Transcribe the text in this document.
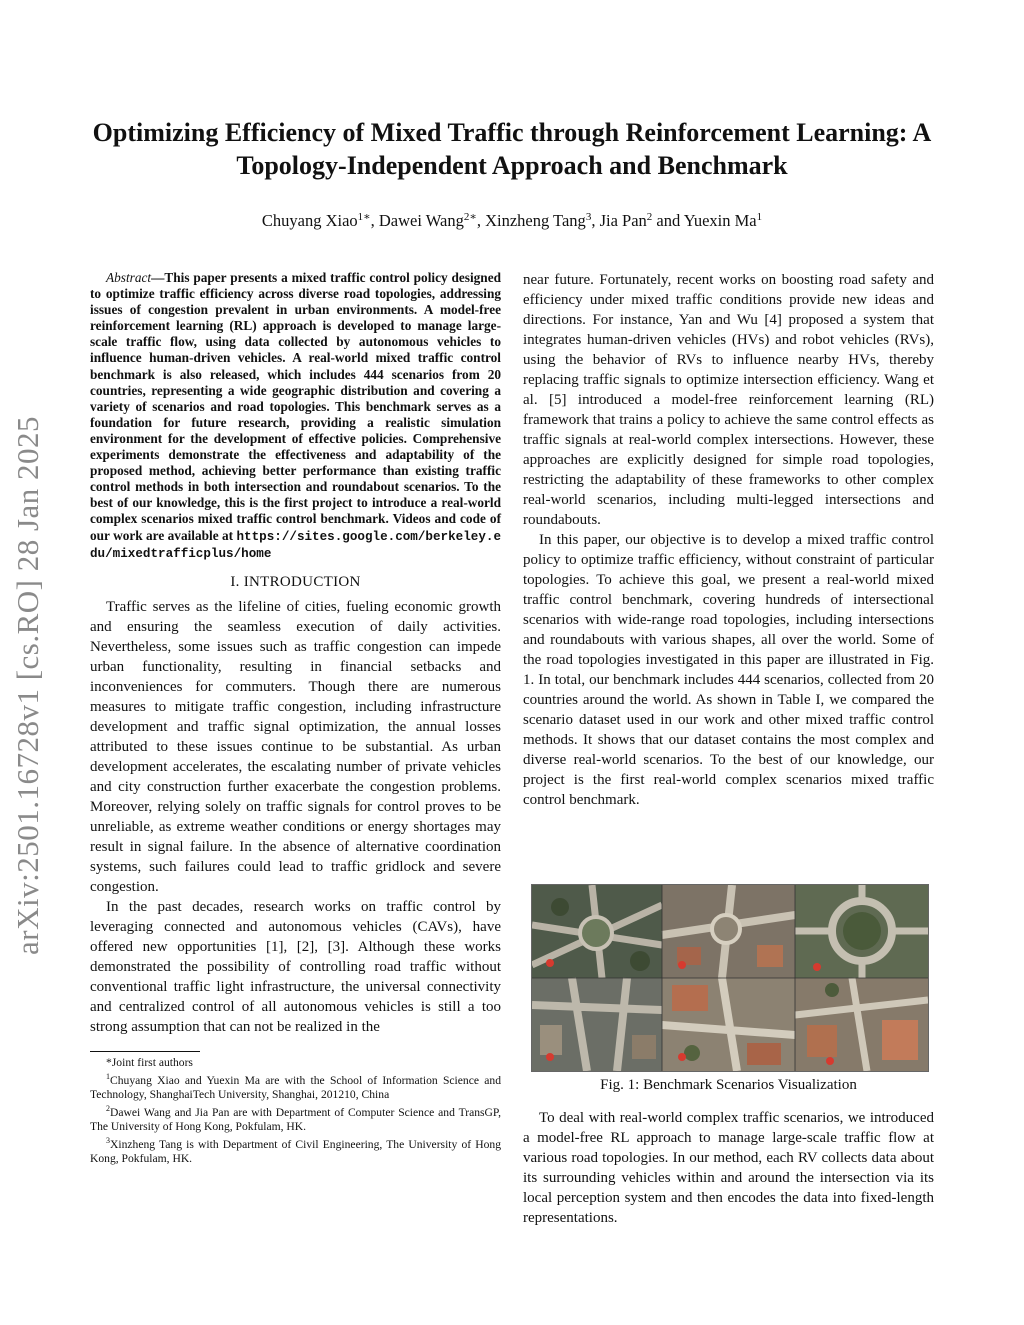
arXiv:2501.16728v1 [cs.RO] 28 Jan 2025
Optimizing Efficiency of Mixed Traffic through Reinforcement Learning: A Topology-Independent Approach and Benchmark
Chuyang Xiao$^{1∗}$, Dawei Wang$^{2∗}$, Xinzheng Tang$^3$, Jia Pan$^2$ and Yuexin Ma$^1$

Abstract—This paper presents a mixed traffic control policy designed to optimize traffic efficiency across diverse road topologies, addressing issues of congestion prevalent in urban environments. A model-free reinforcement learning (RL) approach is developed to manage large-scale traffic flow, using data collected by autonomous vehicles to influence human-driven vehicles. A real-world mixed traffic control benchmark is also released, which includes 444 scenarios from 20 countries, representing a wide geographic distribution and covering a variety of scenarios and road topologies. This benchmark serves as a foundation for future research, providing a realistic simulation environment for the development of effective policies. Comprehensive experiments demonstrate the effectiveness and adaptability of the proposed method, achieving better performance than existing traffic control methods in both intersection and roundabout scenarios. To the best of our knowledge, this is the first project to introduce a real-world complex scenarios mixed traffic control benchmark. Videos and code of our work are available at https://sites.google.com/berkeley.edu/mixedtrafficplus/home

I. INTRODUCTION

Traffic serves as the lifeline of cities, fueling economic growth and ensuring the seamless execution of daily activities. Nevertheless, some issues such as traffic congestion can impede urban functionality, resulting in financial setbacks and inconveniences for commuters. Though there are numerous measures to mitigate traffic congestion, including infrastructure development and traffic signal optimization, the annual losses attributed to these issues continue to be substantial. As urban development accelerates, the escalating number of private vehicles and city construction further exacerbate the congestion problems. Moreover, relying solely on traffic signals for control proves to be unreliable, as extreme weather conditions or energy shortages may result in signal failure. In the absence of alternative coordination systems, such failures could lead to traffic gridlock and severe congestion.

In the past decades, research works on traffic control by leveraging connected and autonomous vehicles (CAVs), have offered new opportunities [1], [2], [3]. Although these works demonstrated the possibility of controlling road traffic without conventional traffic light infrastructure, the universal connectivity and centralized control of all autonomous vehicles is still a too strong assumption that can not be realized in the

*Joint first authors

$^1$Chuyang Xiao and Yuexin Ma are with the School of Information Science and Technology, ShanghaiTech University, Shanghai, 201210, China

$^2$Dawei Wang and Jia Pan are with Department of Computer Science and TransGP, The University of Hong Kong, Pokfulam, HK.

$^3$Xinzheng Tang is with Department of Civil Engineering, The University of Hong Kong, Pokfulam, HK.

near future. Fortunately, recent works on boosting road safety and efficiency under mixed traffic conditions provide new ideas and directions. For instance, Yan and Wu [4] proposed a system that integrates human-driven vehicles (HVs) and robot vehicles (RVs), using the behavior of RVs to influence nearby HVs, thereby replacing traffic signals to optimize intersection efficiency. Wang et al. [5] introduced a model-free reinforcement learning (RL) framework that trains a policy to achieve the same control effects as traffic signals at real-world complex intersections. However, these approaches are explicitly designed for simple road topologies, restricting the adaptability of these frameworks to other complex real-world scenarios, including multi-legged intersections and roundabouts.

In this paper, our objective is to develop a mixed traffic control policy to optimize traffic efficiency, without constraint of particular topologies. To achieve this goal, we present a real-world mixed traffic control benchmark, covering hundreds of intersectional scenarios with wide-range road topologies, including intersections and roundabouts with various shapes, all over the world. Some of the road topologies investigated in this paper are illustrated in Fig. 1. In total, our benchmark includes 444 scenarios, collected from 20 countries around the world. As shown in Table I, we compared the scenario dataset used in our work and other mixed traffic control methods. It shows that our dataset contains the most complex and diverse real-world scenarios. To the best of our knowledge, our project is the first real-world complex scenarios mixed traffic control benchmark.

Fig. 1: Benchmark Scenarios Visualization

To deal with real-world complex traffic scenarios, we introduced a model-free RL approach to manage large-scale traffic flow at various road topologies. In our method, each RV collects data about its surrounding vehicles within and around the intersection via its local perception system and then encodes the data into fixed-length representations.
